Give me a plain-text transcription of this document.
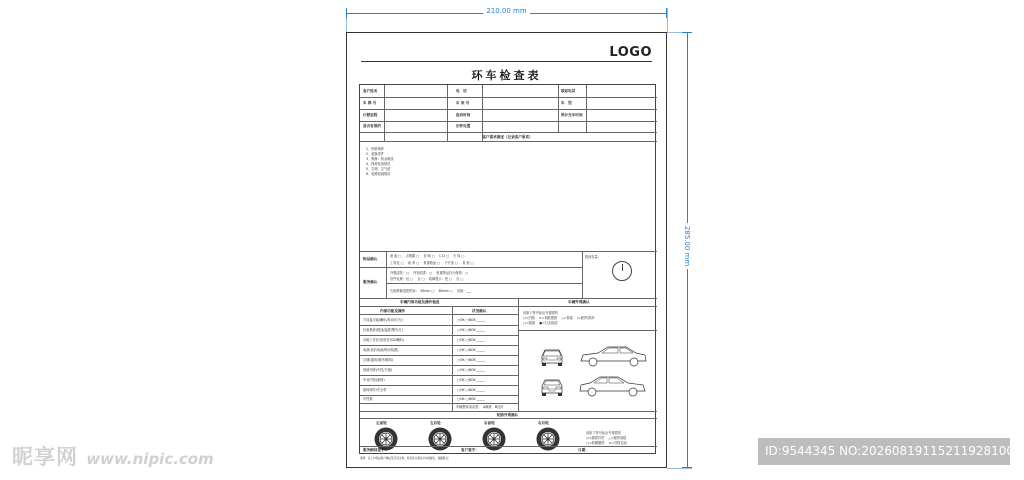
210.00 mm
285.00 mm
LOGO
环车检查表
客户姓名	电　话	联系电话
车 牌 号	车 架 号	车　型
行驶里程	进店时间	预计交车时间
是否有预约	旧件处置
客户需求描述（记录客户原话）
1、例常保养
2、更换零件
3、维修：钣金喷漆
4、保养检查情况
5、空调、空气滤
6、电路检测情况
物品确认
备 胎 □　 点烟器 □　 音 响 □　 C D □　 天 线 □
工具包 □　 雨 伞 □　 贵重物品 □　 千斤顶 □　 其 他 □
服务确认
外观清洗：□　 内饰清洗：□　 贵重物品自行保管：□
旧件处理：包 □　 否 □　 故障提示：是 □　 否 □
告知维修进度时间：　30min □　 60min □　 其他：___
燃油存量：
车辆内部功能及操作检查	车辆外观确认
内部功能及操作	状况确认
方向盘功能(喇叭/转向/灯光)	□OK □NOK _____
仪表系统(燃油/温度/警告灯)	□OK □NOK _____
音响工作状况(收音/CD/喇叭)	□OK □NOK _____
雨刮(前后雨刮/喷水装置)	□OK □NOK _____
空调(通风/制冷/暖风)	□OK □NOK _____
玻璃升降(中控/天窗)	□OK □NOK _____
车身内饰(座椅)	□OK □NOK _____
座椅调节/安全带	□OK □NOK _____
中控锁	□OK □NOK _____
车辆整体清洁度：　A满意　B良好
用如下符号标出外观损伤
○=凹陷　 ×=划痕擦损　 △=掉漆　 /=缺件/损坏
□=裂痕　 ●=石击痕迹
轮胎外观确认
左前轮	左后轮	右前轮	右后轮
用如下符号标出外观损伤
○=磨损异常　 △=割伤划痕
□=轮辋磨损　 ×=异物扎胎
服务顾问签字：	客户签字：	日期：
说明：以上内容由客户确认签字后生效，如有异议请在交车前提出，谢谢配合！
昵享网 www.nipic.com	ID:9544345 NO:20260819115211928100
